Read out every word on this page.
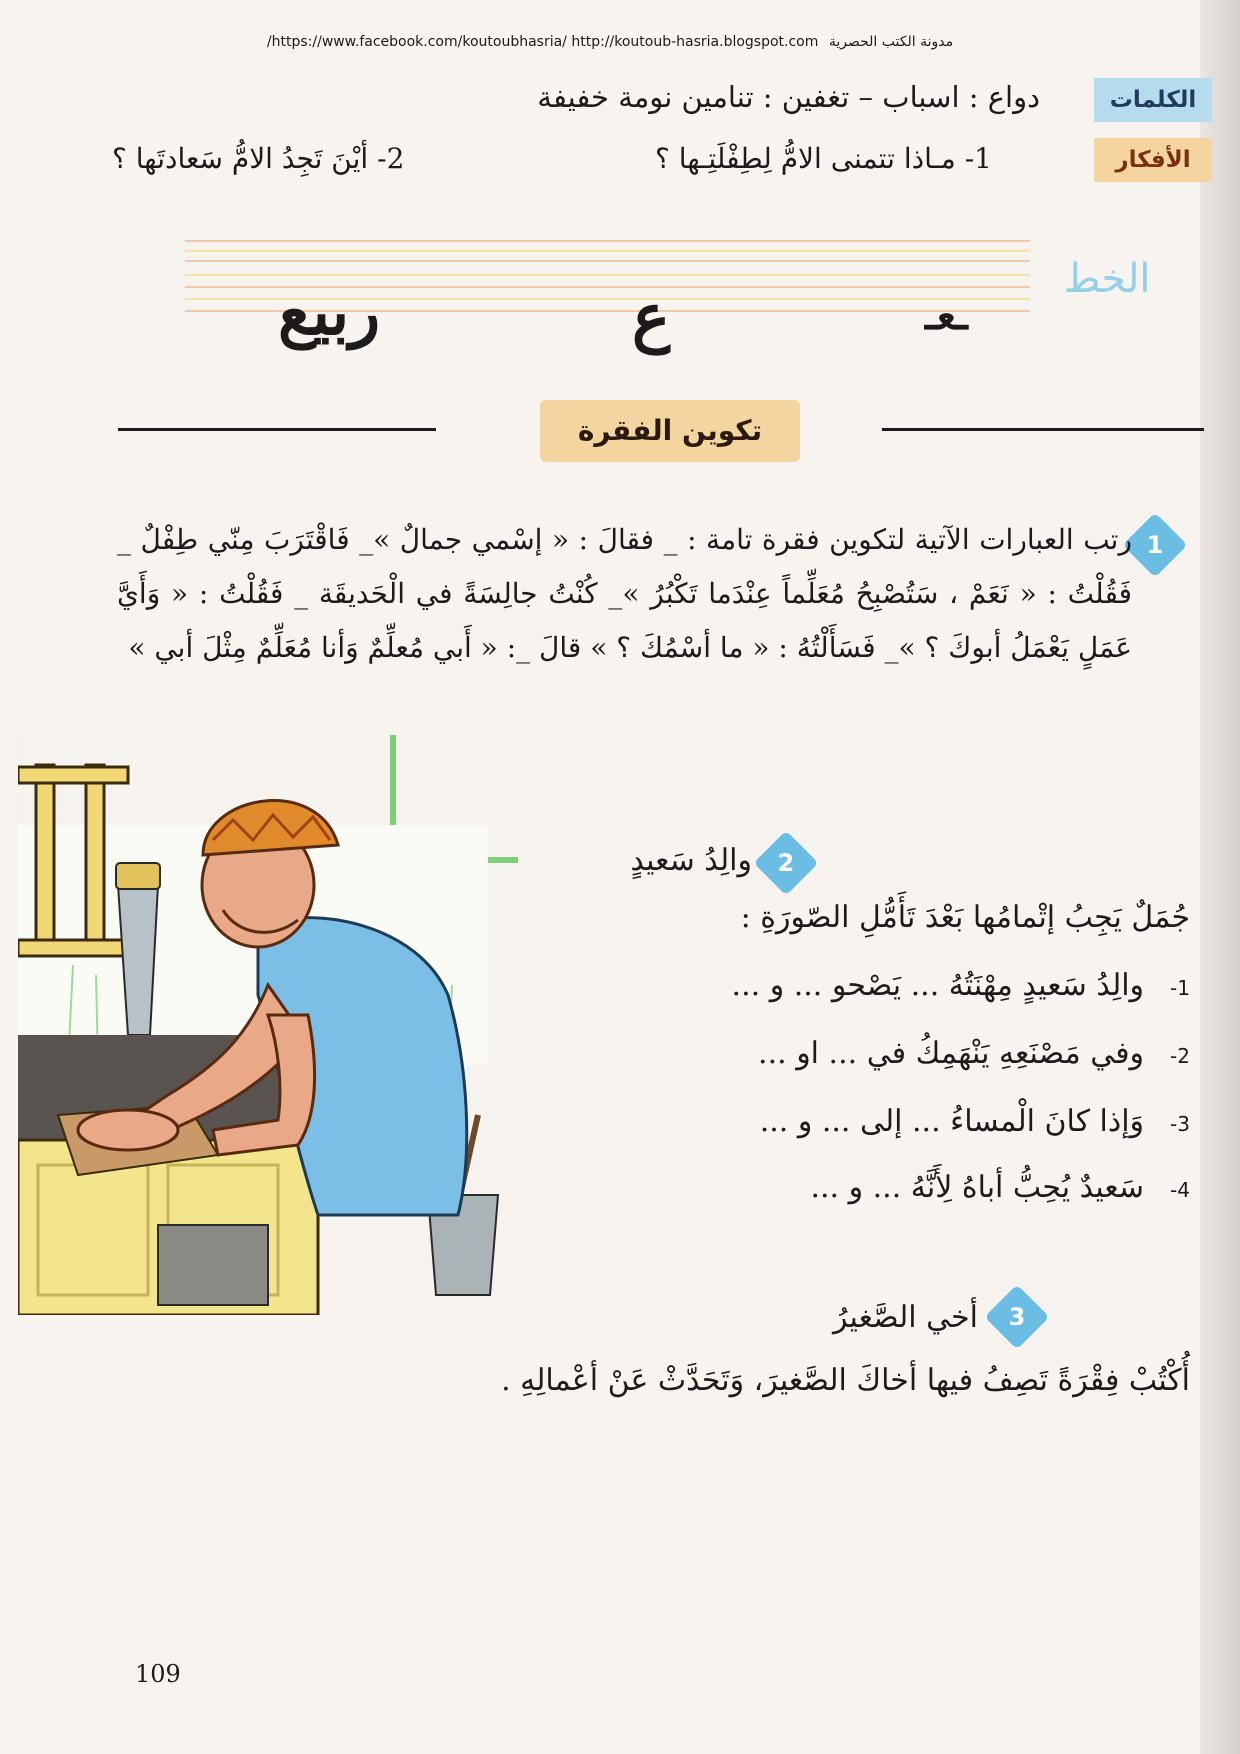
/https://www.facebook.com/koutoubhasria/ http://koutoub-hasria.blogspot.com مدونة الكتب الحصرية
الكلمات
دواع : اسباب – تغفين : تنامين نومة خفيفة
الأفكار
1- مـاذا تتمنى الامُّ لِطِفْلَتِـها ؟
2- أيْنَ تَجِدُ الامُّ سَعادتَها ؟
الخط
ربيع	ع	ـعـ
تكوين الفقرة
1
رتب العبارات الآتية لتكوين فقرة تامة : _ فقالَ : « إسْمي جمالٌ »_ فَاقْتَرَبَ مِنّي طِفْلٌ _ فَقُلْتُ : « نَعَمْ ، سَتُصْبِحُ مُعَلِّماً عِنْدَما تَكْبُرُ »_ كُنْتُ جالِسَةً في الْحَديقَة _ فَقُلْتُ : « وَأَيَّ عَمَلٍ يَعْمَلُ أبوكَ ؟ »_ فَسَأَلْتُهُ : « ما أسْمُكَ ؟ » قالَ _: « أَبي مُعلِّمٌ وَأنا مُعَلِّمٌ مِثْلَ أبي »
2
والِدُ سَعيدٍ
جُمَلٌ يَجِبُ إتْمامُها بَعْدَ تَأَمُّلِ الصّورَةِ :
1-والِدُ سَعيدٍ مِهْنَتُهُ ... يَصْحو ... و ...
2-وفي مَصْنَعِهِ يَنْهَمِكُ في ... او ...
3-وَإذا كانَ الْمساءُ ... إلى ... و ...
4-سَعيدٌ يُحِبُّ أباهُ لِأَنَّهُ ... و ...
3
أخي الصَّغيرُ
أُكْتُبْ فِقْرَةً تَصِفُ فيها أخاكَ الصَّغيرَ، وَتَحَدَّثْ عَنْ أعْمالِهِ .
109
